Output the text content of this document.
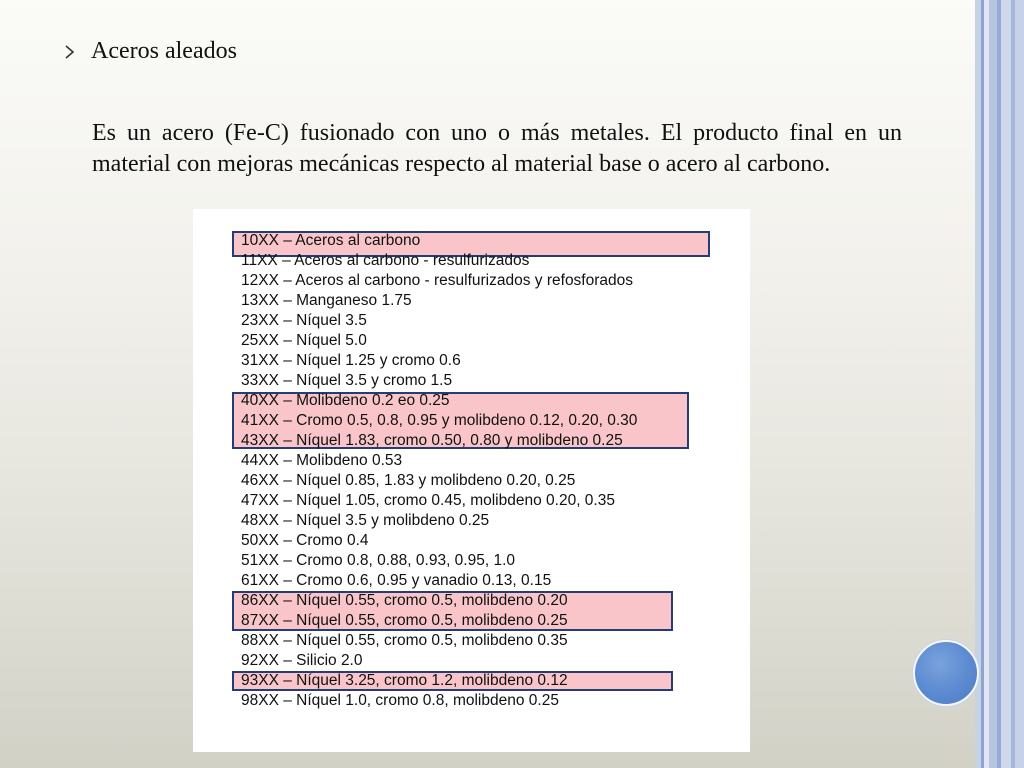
Aceros aleados
Es un acero (Fe-C) fusionado con uno o más metales. El producto final en un material con mejoras mecánicas respecto al material base o acero al carbono.
10XX – Aceros al carbono
11XX – Aceros al carbono - resulfurizados
12XX – Aceros al carbono - resulfurizados y refosforados
13XX – Manganeso 1.75
23XX – Níquel 3.5
25XX – Níquel 5.0
31XX – Níquel 1.25 y cromo 0.6
33XX – Níquel 3.5 y cromo 1.5
40XX – Molibdeno 0.2 eo 0.25
41XX – Cromo 0.5, 0.8, 0.95 y molibdeno 0.12, 0.20, 0.30
43XX – Níquel 1.83, cromo 0.50, 0.80 y molibdeno 0.25
44XX – Molibdeno 0.53
46XX – Níquel 0.85, 1.83 y molibdeno 0.20, 0.25
47XX – Níquel 1.05, cromo 0.45, molibdeno 0.20, 0.35
48XX – Níquel 3.5 y molibdeno 0.25
50XX – Cromo 0.4
51XX – Cromo 0.8, 0.88, 0.93, 0.95, 1.0
61XX – Cromo 0.6, 0.95 y vanadio 0.13, 0.15
86XX – Níquel 0.55, cromo 0.5, molibdeno 0.20
87XX – Níquel 0.55, cromo 0.5, molibdeno 0.25
88XX – Níquel 0.55, cromo 0.5, molibdeno 0.35
92XX – Silicio 2.0
93XX – Níquel 3.25, cromo 1.2, molibdeno 0.12
98XX – Níquel 1.0, cromo 0.8, molibdeno 0.25
